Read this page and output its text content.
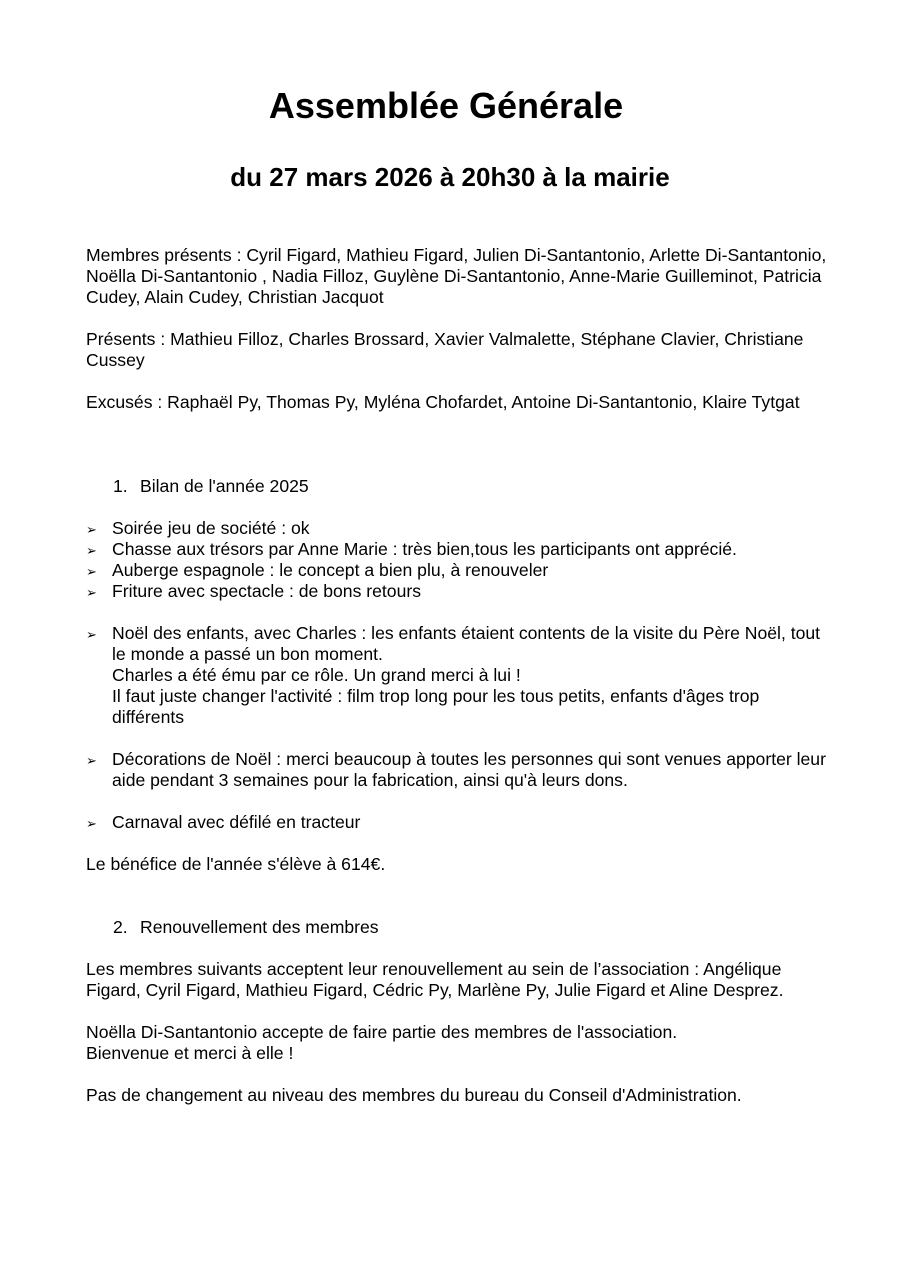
Assemblée Générale
du 27 mars 2026 à 20h30 à la mairie

Membres présents : Cyril Figard, Mathieu Figard, Julien Di-Santantonio, Arlette Di-Santantonio, Noëlla Di-Santantonio , Nadia Filloz, Guylène Di-Santantonio, Anne-Marie Guilleminot, Patricia Cudey, Alain Cudey, Christian Jacquot

Présents : Mathieu Filloz, Charles Brossard, Xavier Valmalette, Stéphane Clavier, Christiane Cussey

Excusés : Raphaël Py, Thomas Py, Myléna Chofardet, Antoine Di-Santantonio, Klaire Tytgat

1. Bilan de l'année 2025
➢ Soirée jeu de société : ok
➢ Chasse aux trésors par Anne Marie : très bien,tous les participants ont apprécié.
➢ Auberge espagnole : le concept a bien plu, à renouveler
➢ Friture avec spectacle : de bons retours
➢ Noël des enfants, avec Charles : les enfants étaient contents de la visite du Père Noël, tout le monde a passé un bon moment.
Charles a été ému par ce rôle. Un grand merci à lui !
Il faut juste changer l'activité : film trop long pour les tous petits, enfants d'âges trop différents
➢ Décorations de Noël : merci beaucoup à toutes les personnes qui sont venues apporter leur aide pendant 3 semaines pour la fabrication, ainsi qu'à leurs dons.
➢ Carnaval avec défilé en tracteur

Le bénéfice de l'année s'élève à 614€.

2. Renouvellement des membres

Les membres suivants acceptent leur renouvellement au sein de l’association : Angélique Figard, Cyril Figard, Mathieu Figard, Cédric Py, Marlène Py, Julie Figard et Aline Desprez.

Noëlla Di-Santantonio accepte de faire partie des membres de l'association.
Bienvenue et merci à elle !

Pas de changement au niveau des membres du bureau du Conseil d'Administration.
